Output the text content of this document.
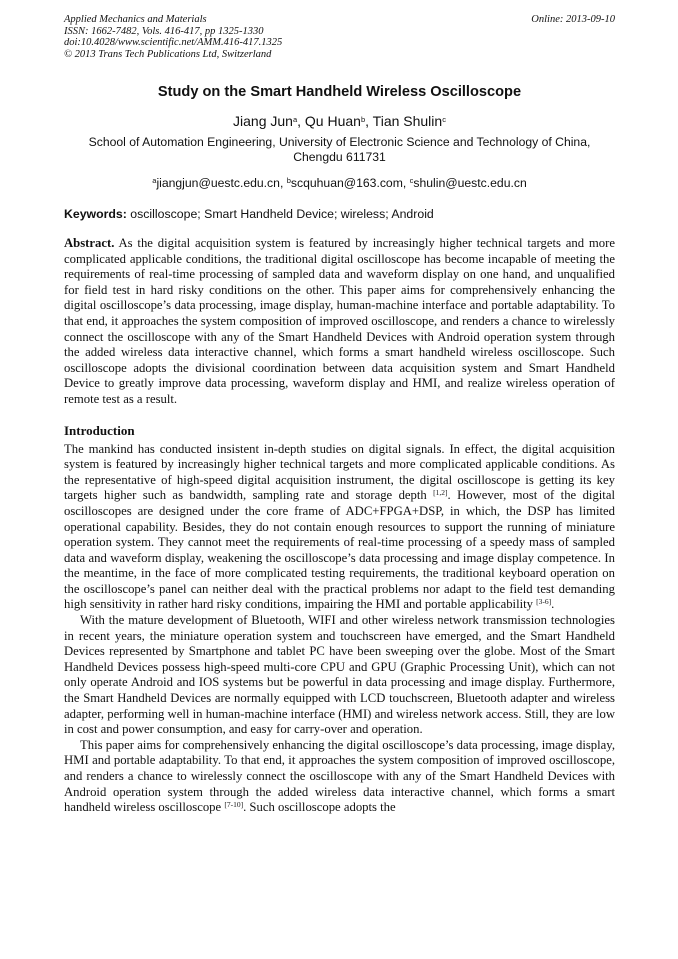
Applied Mechanics and Materials
ISSN: 1662-7482, Vols. 416-417, pp 1325-1330
doi:10.4028/www.scientific.net/AMM.416-417.1325
© 2013 Trans Tech Publications Ltd, Switzerland
Online: 2013-09-10
Study on the Smart Handheld Wireless Oscilloscope
Jiang Jun$^a$, Qu Huan$^b$, Tian Shulin$^c$
School of Automation Engineering, University of Electronic Science and Technology of China, Chengdu 611731
$^a$jiangjun@uestc.edu.cn, $^b$scquhuan@163.com, $^c$shulin@uestc.edu.cn
Keywords: oscilloscope; Smart Handheld Device; wireless; Android

Abstract. As the digital acquisition system is featured by increasingly higher technical targets and more complicated applicable conditions, the traditional digital oscilloscope has become incapable of meeting the requirements of real-time processing of sampled data and waveform display on one hand, and unqualified for field test in hard risky conditions on the other. This paper aims for comprehensively enhancing the digital oscilloscope’s data processing, image display, human-machine interface and portable adaptability. To that end, it approaches the system composition of improved oscilloscope, and renders a chance to wirelessly connect the oscilloscope with any of the Smart Handheld Devices with Android operation system through the added wireless data interactive channel, which forms a smart handheld wireless oscilloscope. Such oscilloscope adopts the divisional coordination between data acquisition system and Smart Handheld Device to greatly improve data processing, waveform display and HMI, and realize wireless operation of remote test as a result.

Introduction

The mankind has conducted insistent in-depth studies on digital signals. In effect, the digital acquisition system is featured by increasingly higher technical targets and more complicated applicable conditions. As the representative of high-speed digital acquisition instrument, the digital oscilloscope is getting its key targets higher such as bandwidth, sampling rate and storage depth [1,2]. However, most of the digital oscilloscopes are designed under the core frame of ADC+FPGA+DSP, in which, the DSP has limited operational capability. Besides, they do not contain enough resources to support the running of miniature operation system. They cannot meet the requirements of real-time processing of a speedy mass of sampled data and waveform display, weakening the oscilloscope’s data processing and image display competence. In the meantime, in the face of more complicated testing requirements, the traditional keyboard operation on the oscilloscope’s panel can neither deal with the practical problems nor adapt to the field test demanding high sensitivity in rather hard risky conditions, impairing the HMI and portable applicability [3-6].

With the mature development of Bluetooth, WIFI and other wireless network transmission technologies in recent years, the miniature operation system and touchscreen have emerged, and the Smart Handheld Devices represented by Smartphone and tablet PC have been sweeping over the globe. Most of the Smart Handheld Devices possess high-speed multi-core CPU and GPU (Graphic Processing Unit), which can not only operate Android and IOS systems but be powerful in data processing and image display. Furthermore, the Smart Handheld Devices are normally equipped with LCD touchscreen, Bluetooth adapter and wireless adapter, performing well in human-machine interface (HMI) and wireless network access. Still, they are low in cost and power consumption, and easy for carry-over and operation.

This paper aims for comprehensively enhancing the digital oscilloscope’s data processing, image display, HMI and portable adaptability. To that end, it approaches the system composition of improved oscilloscope, and renders a chance to wirelessly connect the oscilloscope with any of the Smart Handheld Devices with Android operation system through the added wireless data interactive channel, which forms a smart handheld wireless oscilloscope [7-10]. Such oscilloscope adopts the
